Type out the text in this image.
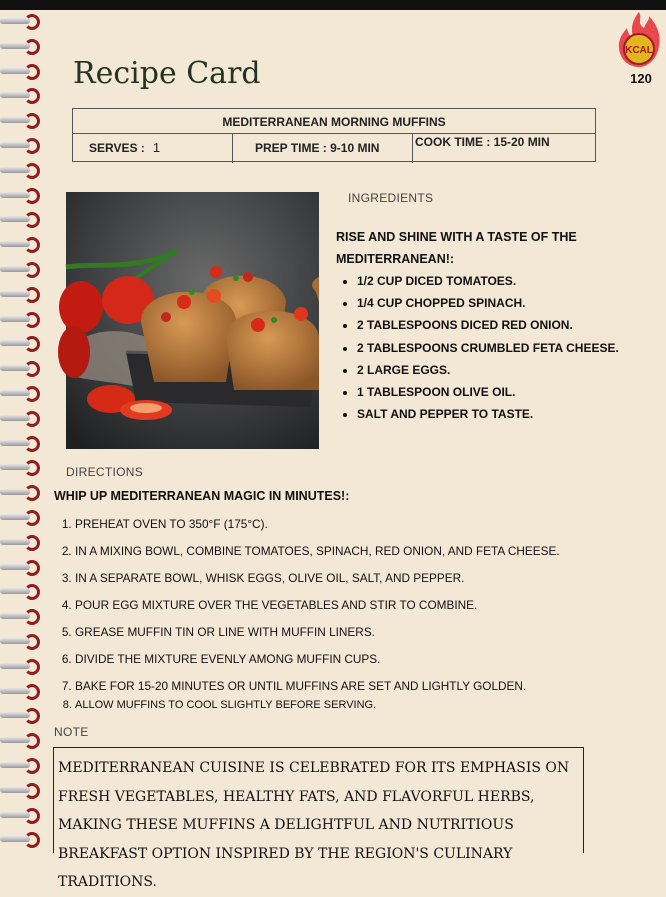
Recipe Card
KCAL
120
MEDITERRANEAN MORNING MUFFINS
SERVES : 1	PREP TIME : 9-10 MIN	COOK TIME : 15-20 MIN
INGREDIENTS
RISE AND SHINE WITH A TASTE OF THE MEDITERRANEAN!:
• 1/2 CUP DICED TOMATOES.
• 1/4 CUP CHOPPED SPINACH.
• 2 TABLESPOONS DICED RED ONION.
• 2 TABLESPOONS CRUMBLED FETA CHEESE.
• 2 LARGE EGGS.
• 1 TABLESPOON OLIVE OIL.
• SALT AND PEPPER TO TASTE.
DIRECTIONS
WHIP UP MEDITERRANEAN MAGIC IN MINUTES!:
1. PREHEAT OVEN TO 350°F (175°C).
2. IN A MIXING BOWL, COMBINE TOMATOES, SPINACH, RED ONION, AND FETA CHEESE.
3. IN A SEPARATE BOWL, WHISK EGGS, OLIVE OIL, SALT, AND PEPPER.
4. POUR EGG MIXTURE OVER THE VEGETABLES AND STIR TO COMBINE.
5. GREASE MUFFIN TIN OR LINE WITH MUFFIN LINERS.
6. DIVIDE THE MIXTURE EVENLY AMONG MUFFIN CUPS.
7. BAKE FOR 15-20 MINUTES OR UNTIL MUFFINS ARE SET AND LIGHTLY GOLDEN.
8. ALLOW MUFFINS TO COOL SLIGHTLY BEFORE SERVING.
NOTE
MEDITERRANEAN CUISINE IS CELEBRATED FOR ITS EMPHASIS ON FRESH VEGETABLES, HEALTHY FATS, AND FLAVORFUL HERBS, MAKING THESE MUFFINS A DELIGHTFUL AND NUTRITIOUS BREAKFAST OPTION INSPIRED BY THE REGION'S CULINARY TRADITIONS.
